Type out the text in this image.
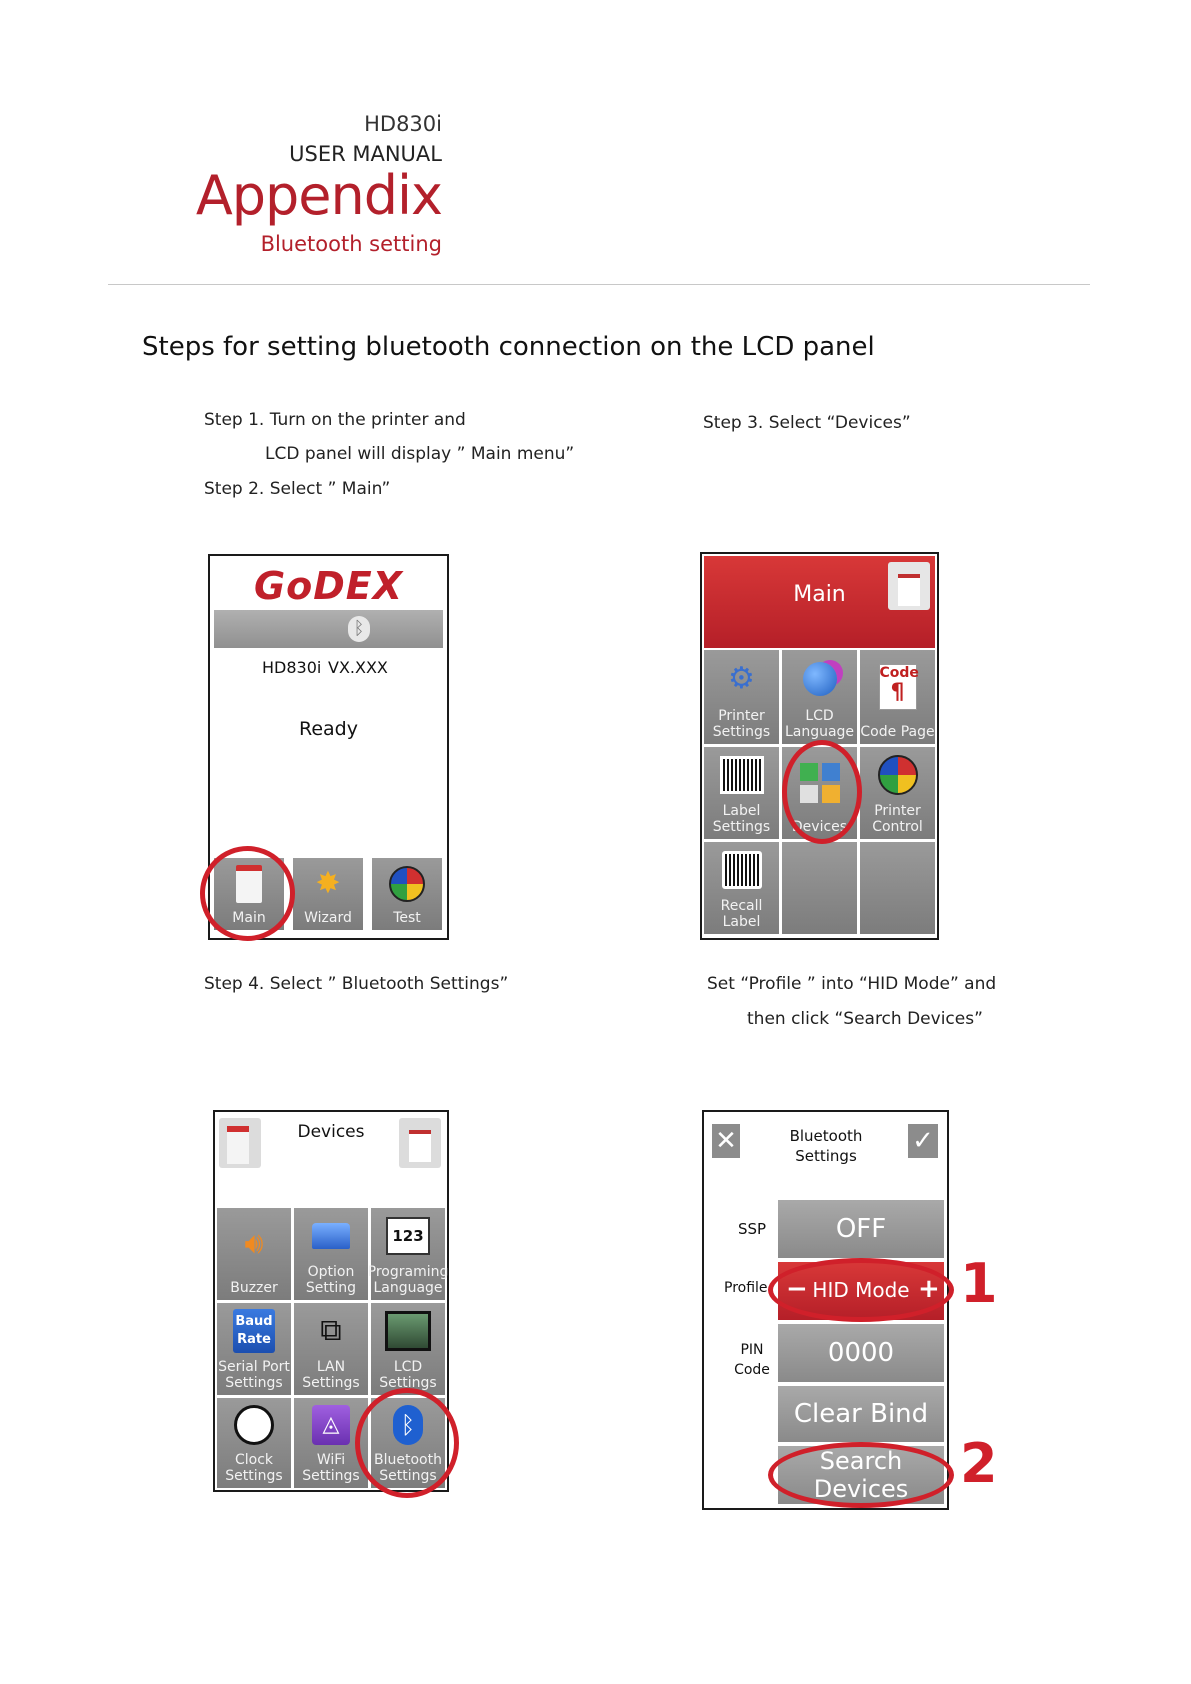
HD830i
USER MANUAL
Appendix
Bluetooth setting
Steps for setting bluetooth connection on the LCD panel
Step 1. Turn on the printer and
LCD panel will display ” Main menu”
Step 2. Select ” Main”
Step 3. Select “Devices”
Step 4. Select ” Bluetooth Settings”	Set “Profile ” into “HID Mode” and
then click “Search Devices”
GoDEX
ᛒ
HD830i VX.XXX
Ready
Main
✸
Wizard	Test
Main
⚙
Printer Settings
LCD Language
Code
¶
Code Page
Label Settings	Devices
Printer Control
Recall Label
Devices
🔊︎
Buzzer
Option Setting
123
Programing Language
Baud Rate
Serial Port Settings
⧉
LAN Settings
LCD Settings
Clock Settings
◬
WiFi Settings
ᛒ
Bluetooth Settings
✕	Bluetooth Settings	✓
SSP	OFF
Profile − HID Mode +
PIN Code
0000
Clear Bind
Search Devices
1
2
